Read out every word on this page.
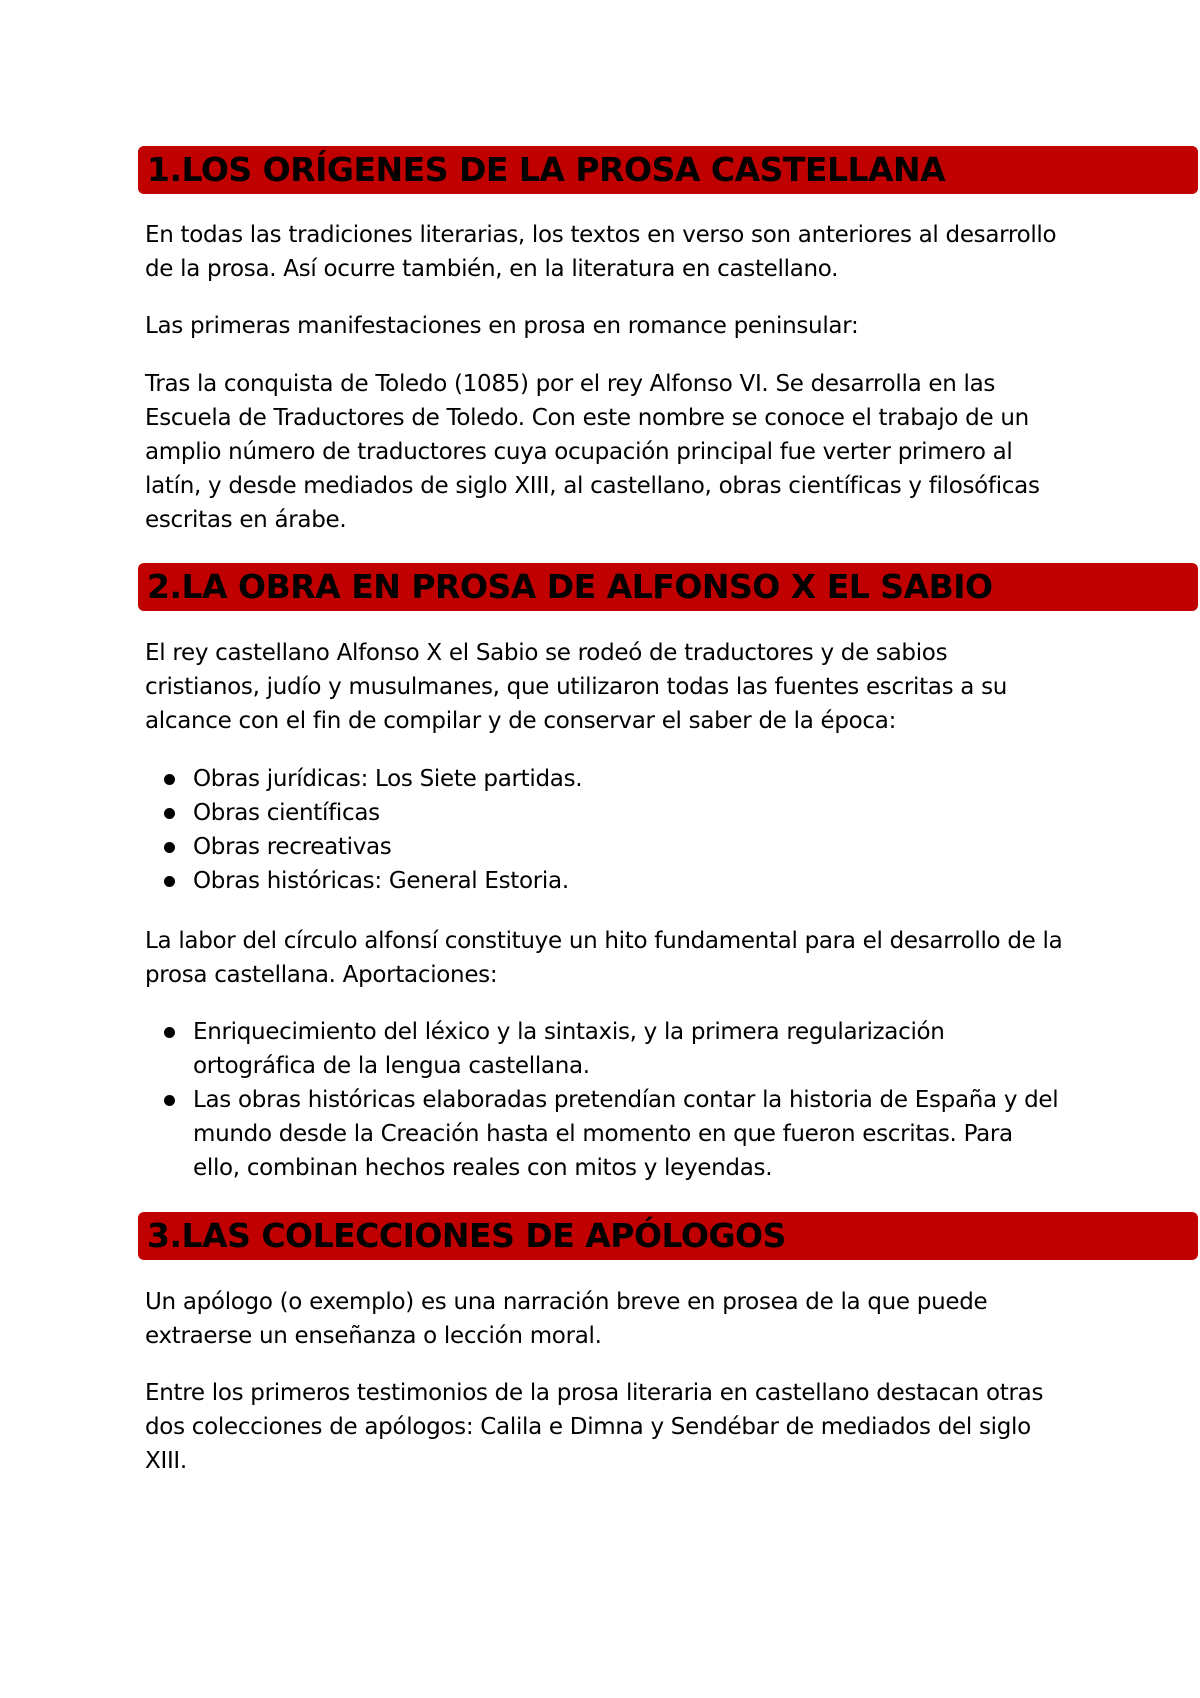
1.LOS ORÍGENES DE LA PROSA CASTELLANA

En todas las tradiciones literarias, los textos en verso son anteriores al desarrollo de la prosa. Así ocurre también, en la literatura en castellano.

Las primeras manifestaciones en prosa en romance peninsular:

Tras la conquista de Toledo (1085) por el rey Alfonso VI. Se desarrolla en las Escuela de Traductores de Toledo. Con este nombre se conoce el trabajo de un amplio número de traductores cuya ocupación principal fue verter primero al latín, y desde mediados de siglo XIII, al castellano, obras científicas y filosóficas escritas en árabe.

2.LA OBRA EN PROSA DE ALFONSO X EL SABIO

El rey castellano Alfonso X el Sabio se rodeó de traductores y de sabios cristianos, judío y musulmanes, que utilizaron todas las fuentes escritas a su alcance con el fin de compilar y de conservar el saber de la época:

Obras jurídicas: Los Siete partidas.
Obras científicas
Obras recreativas
Obras históricas: General Estoria.

La labor del círculo alfonsí constituye un hito fundamental para el desarrollo de la prosa castellana. Aportaciones:

Enriquecimiento del léxico y la sintaxis, y la primera regularización ortográfica de la lengua castellana.
Las obras históricas elaboradas pretendían contar la historia de España y del mundo desde la Creación hasta el momento en que fueron escritas. Para ello, combinan hechos reales con mitos y leyendas.
3.LAS COLECCIONES DE APÓLOGOS

Un apólogo (o exemplo) es una narración breve en prosea de la que puede extraerse un enseñanza o lección moral.

Entre los primeros testimonios de la prosa literaria en castellano destacan otras dos colecciones de apólogos: Calila e Dimna y Sendébar de mediados del siglo XIII.
